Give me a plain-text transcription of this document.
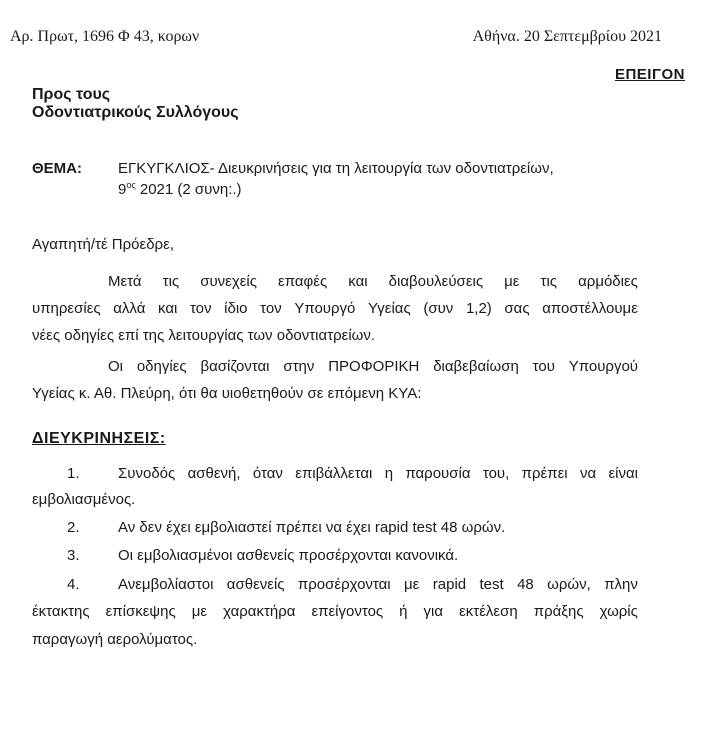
Αρ. Πρωτ, 1696 Φ 43, κορων	Αθήνα. 20 Σεπτεμβρίου 2021
ΕΠΕΙΓΟΝ
Προς τους
Οδοντιατρικούς Συλλόγους
ΘΕΜΑ: ΕΓΚΥΓΚΛΙΟΣ- Διευκρινήσεις για τη λειτουργία των οδοντιατρείων,
$9^{o\varsigma}$ 2021 (2 συνη:.)
Αγαπητή/τέ Πρόεδρε,
Μετά τις συνεχείς επαφές και διαβουλεύσεις με τις αρμόδιες
υπηρεσίες αλλά και τον ίδιο τον Υπουργό Υγείας (συν 1,2) σας αποστέλλουμε
νέες οδηγίες επί της λειτουργίας των οδοντιατρείων.
Οι οδηγίες βασίζονται στην ΠΡΟΦΟΡΙΚΗ διαβεβαίωση του Υπουργού
Υγείας κ. Αθ. Πλεύρη, ότι θα υιοθετηθούν σε επόμενη ΚΥΑ:
ΔΙΕΥΚΡΙΝΗΣΕΙΣ:
1.	Συνοδός ασθενή, όταν επιβάλλεται η παρουσία του, πρέπει να είναι
εμβολιασμένος.
2.	Αν δεν έχει εμβολιαστεί πρέπει να έχει rapid test 48 ωρών.
3.	Οι εμβολιασμένοι ασθενείς προσέρχονται κανονικά.
4.	Ανεμβολίαστοι ασθενείς προσέρχονται με rapid test 48 ωρών, πλην
έκτακτης επίσκεψης με χαρακτήρα επείγοντος ή για εκτέλεση πράξης χωρίς
παραγωγή αερολύματος.
